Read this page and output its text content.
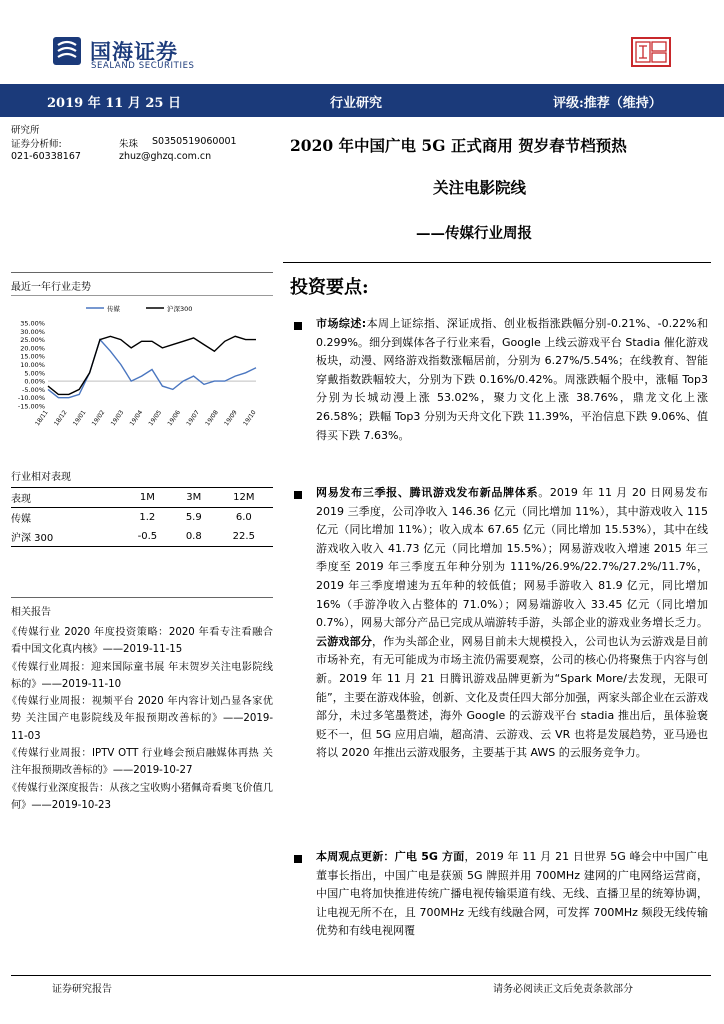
国海证券
SEALAND SECURITIES
2019 年 11 月 25 日	行业研究	评级:推荐（维持）
研究所
证券分析师:	朱珠 S0350519060001
021-60338167	zhuz@ghzq.com.cn
2020 年中国广电 5G 正式商用 贺岁春节档预热
关注电影院线
——传媒行业周报
最近一年行业走势
传媒	沪深300
35.00%
30.00%
25.00%
20.00%
15.00%
10.00%
5.00%
0.00%
-5.00%
-10.00%
-15.00%
18/11 18/12 19/01 19/02 19/03 19/04 19/05 19/06 19/07 19/08 19/09 19/10
行业相对表现
表现	1M	3M	12M
传媒	1.2	5.9	6.0
沪深 300	-0.5	0.8	22.5
相关报告
《传媒行业 2020 年度投资策略：2020 年看专注看融合 看中国文化真内核》——2019-11-15
《传媒行业周报：迎来国际童书展 年末贺岁关注电影院线标的》——2019-11-10
《传媒行业周报：视频平台 2020 年内容计划凸显各家优势 关注国产电影院线及年报预期改善标的》——2019-11-03
《传媒行业周报：IPTV OTT 行业峰会预启融媒体再热 关注年报预期改善标的》——2019-10-27
《传媒行业深度报告：从孩之宝收购小猪佩奇看奥飞价值几何》——2019-10-23
投资要点:
市场综述:本周上证综指、深证成指、创业板指涨跌幅分别-0.21%、-0.22%和0.299%。细分到媒体各子行业来看，Google 上线云游戏平台 Stadia 催化游戏板块，动漫、网络游戏指数涨幅居前，分别为 6.27%/5.54%；在线教育、智能穿戴指数跌幅较大，分别为下跌 0.16%/0.42%。周涨跌幅个股中，涨幅 Top3 分别为长城动漫上涨 53.02%，聚力文化上涨 38.76%，鼎龙文化上涨 26.58%；跌幅 Top3 分别为天舟文化下跌 11.39%，平治信息下跌 9.06%、值得买下跌 7.63%。
网易发布三季报、腾讯游戏发布新品牌体系。2019 年 11 月 20 日网易发布 2019 三季度，公司净收入 146.36 亿元（同比增加 11%），其中游戏收入 115 亿元（同比增加 11%）；收入成本 67.65 亿元（同比增加 15.53%），其中在线游戏收入收入 41.73 亿元（同比增加 15.5%）；网易游戏收入增速 2015 年三季度至 2019 年三季度五年种分别为 111%/26.9%/22.7%/27.2%/11.7%，2019 年三季度增速为五年种的较低值；网易手游收入 81.9 亿元，同比增加 16%（手游净收入占整体的 71.0%）；网易端游收入 33.45 亿元（同比增加 0.7%），网易大部分产品已完成从端游转手游，头部企业的游戏业务增长乏力。云游戏部分，作为头部企业，网易目前未大规模投入，公司也认为云游戏是目前市场补充，有无可能成为市场主流仍需要观察，公司的核心仍将聚焦于内容与创新。2019 年 11 月 21 日腾讯游戏品牌更新为“Spark More/去发现，无限可能”，主要在游戏体验，创新、文化及责任四大部分加强，两家头部企业在云游戏部分，未过多笔墨赘述，海外 Google 的云游戏平台 stadia 推出后，虽体验褒贬不一，但 5G 应用启端，超高清、云游戏、云 VR 也将是发展趋势，亚马逊也将以 2020 年推出云游戏服务，主要基于其 AWS 的云服务竞争力。
本周观点更新：广电 5G 方面，2019 年 11 月 21 日世界 5G 峰会中中国广电董事长指出，中国广电是获颁 5G 牌照并用 700MHz 建网的广电网络运营商，中国广电将加快推进传统广播电视传输渠道有线、无线、直播卫星的统筹协调，让电视无所不在，且 700MHz 无线有线融合网，可发挥 700MHz 频段无线传输优势和有线电视网覆
证券研究报告	请务必阅读正文后免责条款部分
